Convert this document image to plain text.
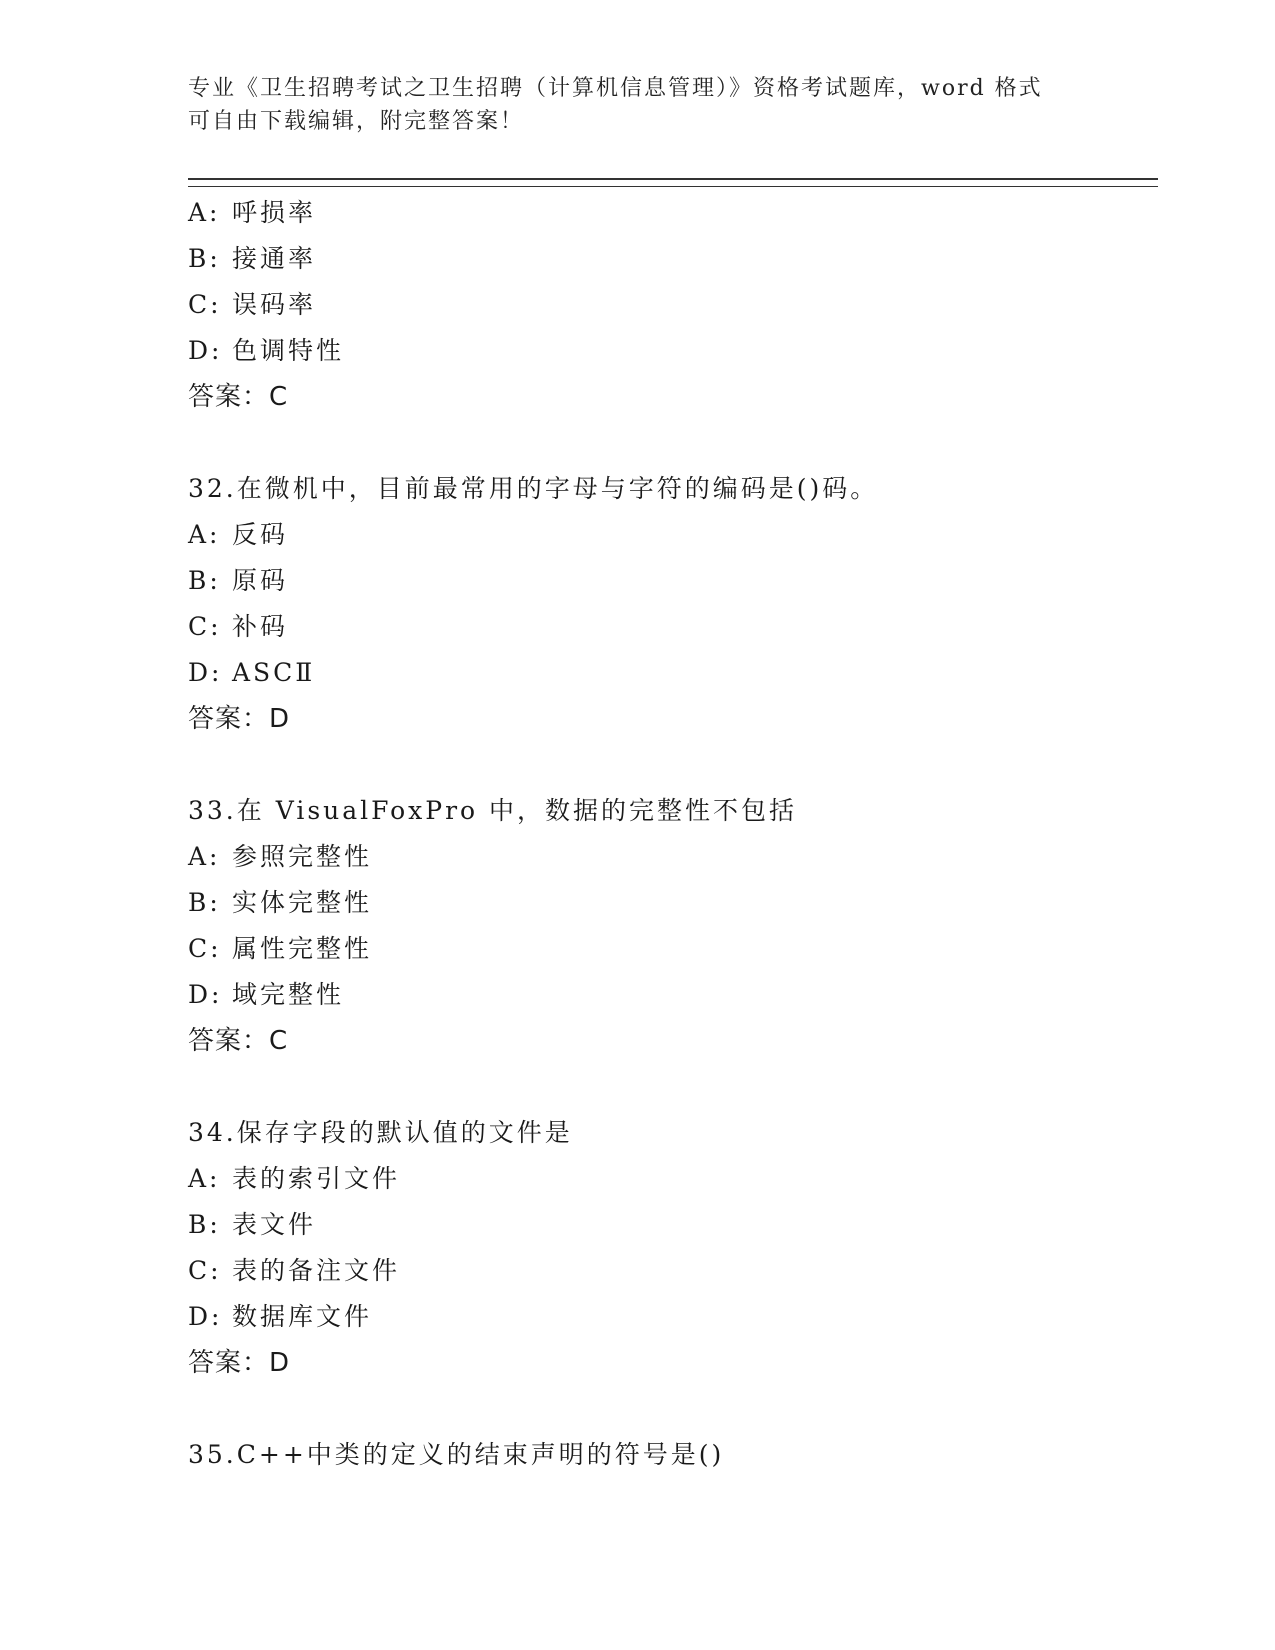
专业《卫生招聘考试之卫生招聘（计算机信息管理）》资格考试题库，word 格式
可自由下载编辑，附完整答案！
A: 呼损率
B: 接通率
C: 误码率
D: 色调特性
答案：C
32.在微机中，目前最常用的字母与字符的编码是()码。
A: 反码
B: 原码
C: 补码
D: ASCⅡ
答案：D
33.在 VisualFoxPro 中，数据的完整性不包括
A: 参照完整性
B: 实体完整性
C: 属性完整性
D: 域完整性
答案：C
34.保存字段的默认值的文件是
A: 表的索引文件
B: 表文件
C: 表的备注文件
D: 数据库文件
答案：D
35.C++中类的定义的结束声明的符号是()
